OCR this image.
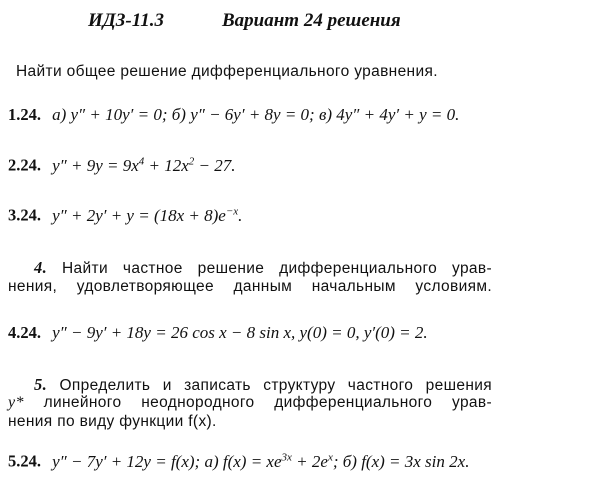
ИДЗ-11.3	Вариант 24 решения
Найти общее решение дифференциального уравнения.
1.24. а) y″ + 10y′ = 0; б) y″ − 6y′ + 8y = 0; в) 4y″ + 4y′ + y = 0.
2.24. $y'' + 9y = 9x^4 + 12x^2 - 27$.
3.24. $y'' + 2y' + y = (18x + 8)e^{-x}$.
4. Найти частное решение дифференциального урав-
нения, удовлетворяющее данным начальным условиям.
4.24. y″ − 9y′ + 18y = 26 cos x − 8 sin x, y(0) = 0, y′(0) = 2.
5. Определить и записать структуру частного решения
y* линейного неоднородного дифференциального урав-
нения по виду функции f(x).
5.24. y″ − 7y′ + 12y = f(x); а) $f(x) = xe^{3x} + 2e^x$; б) f(x) = 3x sin 2x.
